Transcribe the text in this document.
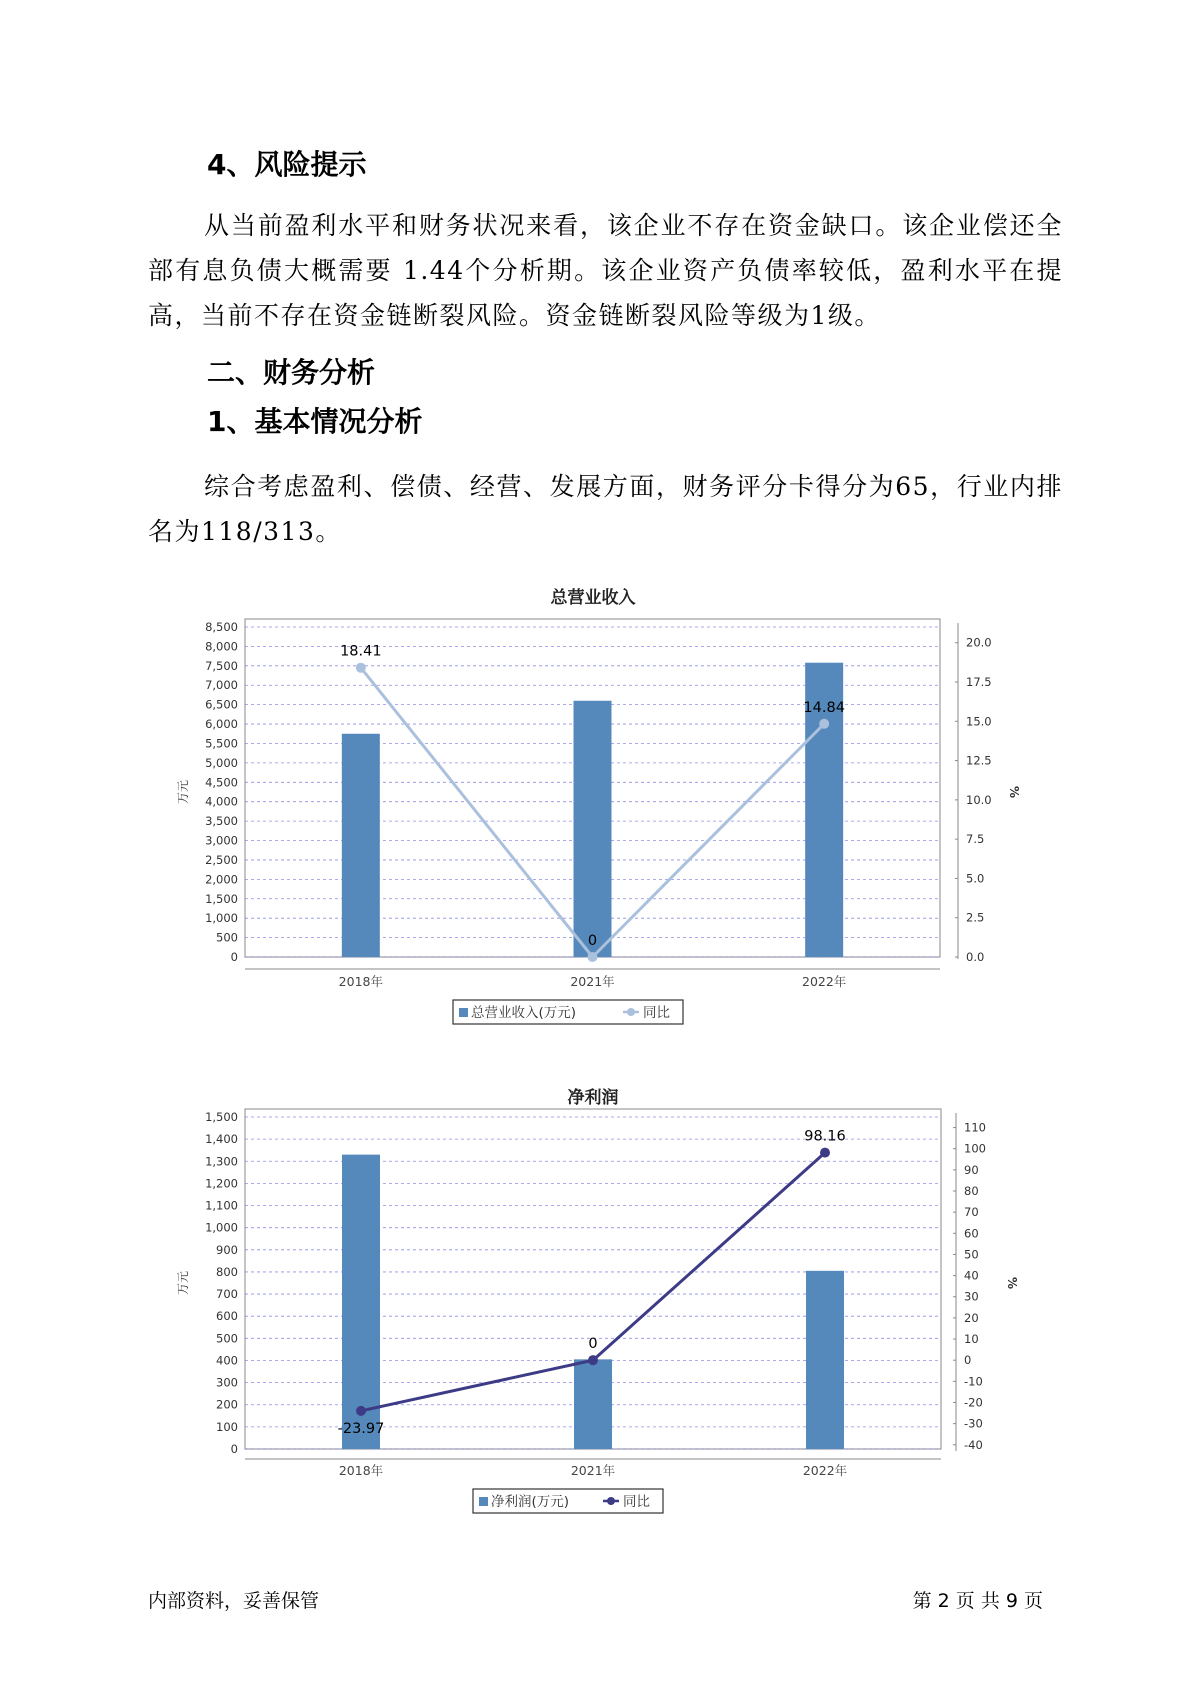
4、风险提示

从当前盈利水平和财务状况来看，该企业不存在资金缺口。该企业偿还全部有息负债大概需要 1.44个分析期。该企业资产负债率较低，盈利水平在提高，当前不存在资金链断裂风险。资金链断裂风险等级为1级。

二、财务分析
1、基本情况分析

综合考虑盈利、偿债、经营、发展方面，财务评分卡得分为65，行业内排名为118/313。

总营业收入
0
500
1,000
1,500
2,000
2,500
3,000
3,500
4,000
4,500
5,000
5,500
6,000
6,500
7,000
7,500
8,000
8,500
万元
0.0
2.5
5.0
7.5
10.0
12.5
15.0
17.5
20.0
%
2018年	2021年	2022年
18.41
0
14.84
总营业收入(万元)	同比
净利润
0
100
200
300
400
500
600
700
800
900
1,000
1,100
1,200
1,300
1,400
1,500
万元
-40
-30
-20
-10
0
10
20
30
40
50
60
70
80
90
100
110
%
2018年	2021年	2022年
-23.97
0
98.16
净利润(万元)	同比
内部资料，妥善保管	第 2 页 共 9 页
